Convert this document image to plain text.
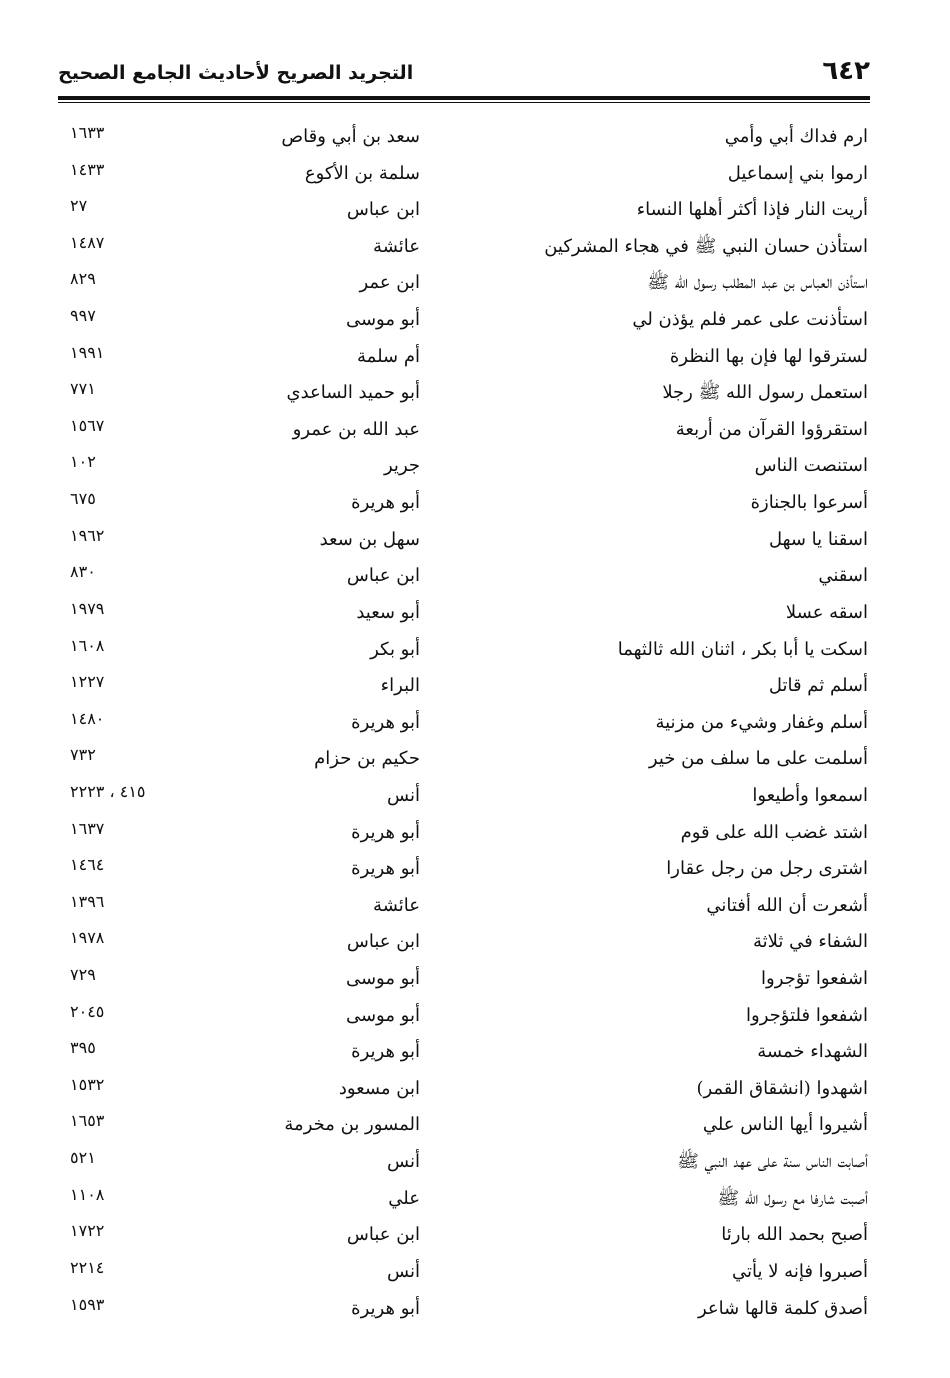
٦٤٢
التجريد الصريح لأحاديث الجامع الصحيح
ارم فداك أبي وأمي
سعد بن أبي وقاص
١٦٣٣
ارموا بني إسماعيل
سلمة بن الأكوع
١٤٣٣
أريت النار فإذا أكثر أهلها النساء
ابن عباس
٢٧
استأذن حسان النبي ﷺ في هجاء المشركين
عائشة
١٤٨٧
استأذن العباس بن عبد المطلب رسول الله ﷺ
ابن عمر
٨٢٩
استأذنت على عمر فلم يؤذن لي
أبو موسى
٩٩٧
لسترقوا لها فإن بها النظرة
أم سلمة
١٩٩١
استعمل رسول الله ﷺ رجلا
أبو حميد الساعدي
٧٧١
استقرؤوا القرآن من أربعة
عبد الله بن عمرو
١٥٦٧
استنصت الناس
جرير
١٠٢
أسرعوا بالجنازة
أبو هريرة
٦٧٥
اسقنا يا سهل
سهل بن سعد
١٩٦٢
اسقني
ابن عباس
٨٣٠
اسقه عسلا
أبو سعيد
١٩٧٩
اسكت يا أبا بكر ، اثنان الله ثالثهما
أبو بكر
١٦٠٨
أسلم ثم قاتل
البراء
١٢٢٧
أسلم وغفار وشيء من مزنية
أبو هريرة
١٤٨٠
أسلمت على ما سلف من خير
حكيم بن حزام
٧٣٢
اسمعوا وأطيعوا
أنس
٤١٥ ، ٢٢٢٣
اشتد غضب الله على قوم
أبو هريرة
١٦٣٧
اشترى رجل من رجل عقارا
أبو هريرة
١٤٦٤
أشعرت أن الله أفتاني
عائشة
١٣٩٦
الشفاء في ثلاثة
ابن عباس
١٩٧٨
اشفعوا تؤجروا
أبو موسى
٧٢٩
اشفعوا فلتؤجروا
أبو موسى
٢٠٤٥
الشهداء خمسة
أبو هريرة
٣٩٥
اشهدوا (انشقاق القمر)
ابن مسعود
١٥٣٢
أشيروا أيها الناس علي
المسور بن مخرمة
١٦٥٣
أصابت الناس سنة على عهد النبي ﷺ
أنس
٥٢١
أصبت شارفا مع رسول الله ﷺ
علي
١١٠٨
أصبح بحمد الله بارئا
ابن عباس
١٧٢٢
أصبروا فإنه لا يأتي
أنس
٢٢١٤
أصدق كلمة قالها شاعر
أبو هريرة
١٥٩٣
